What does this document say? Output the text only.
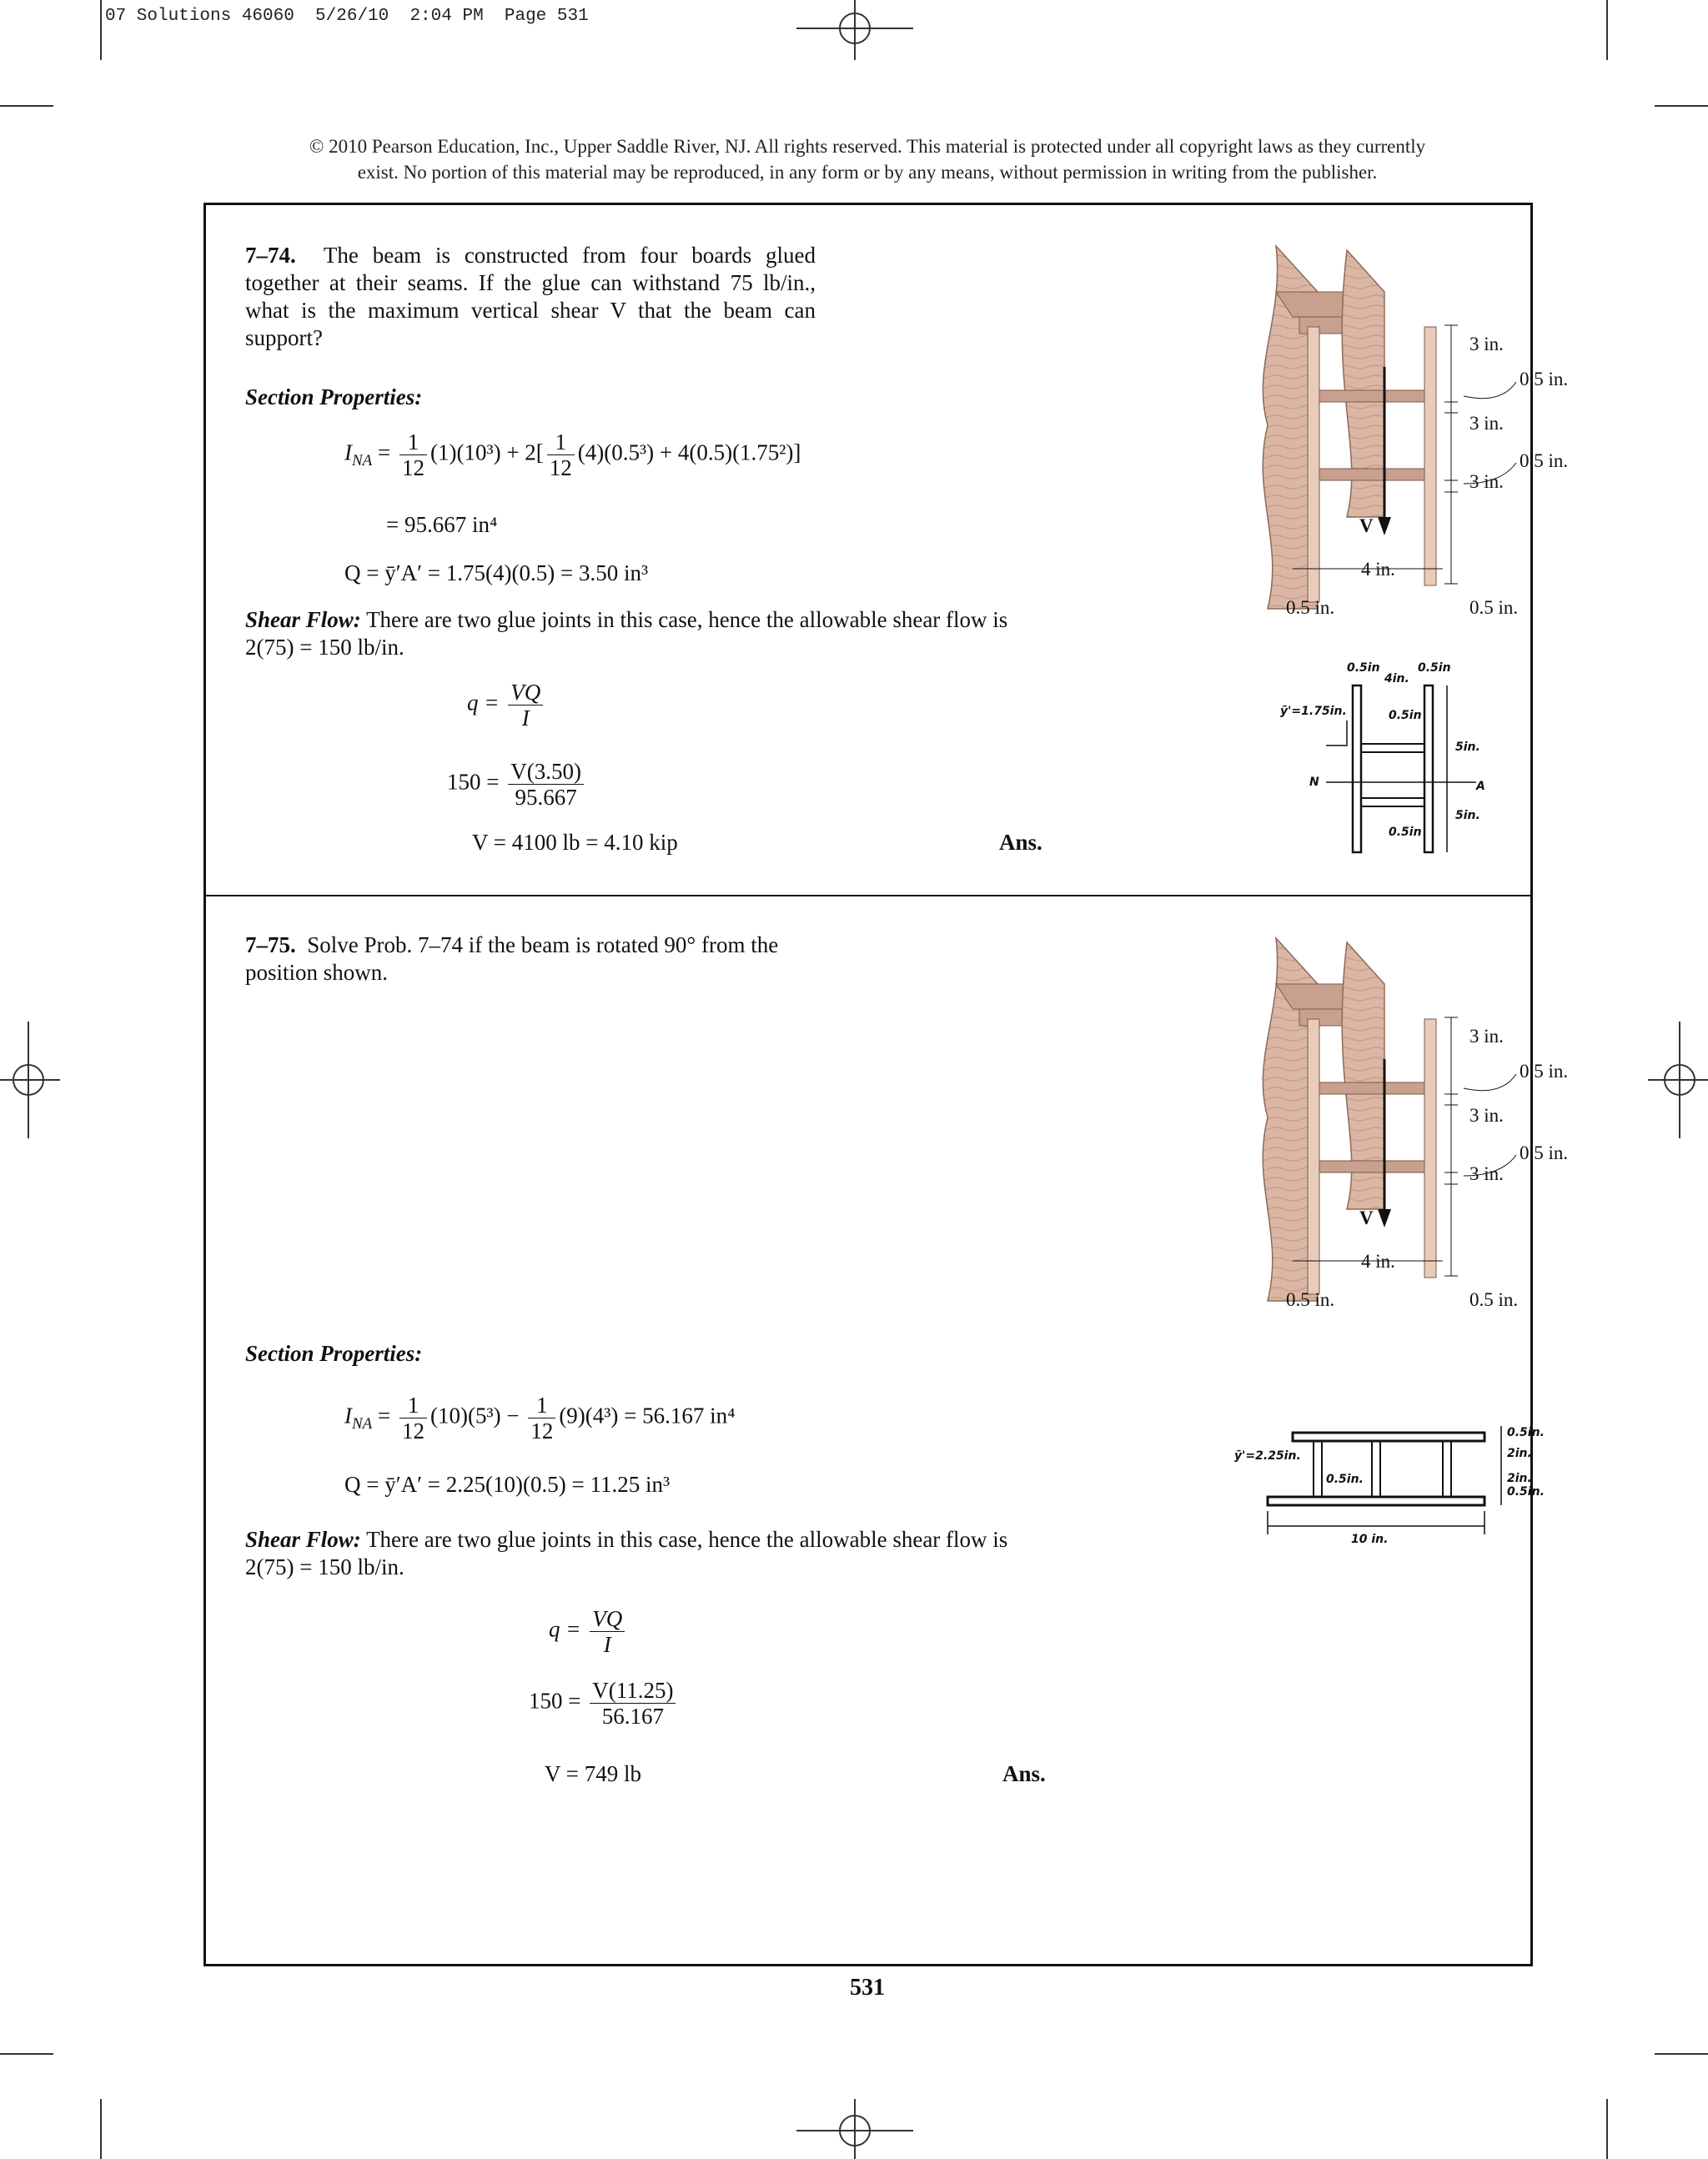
07 Solutions 46060  5/26/10  2:04 PM  Page 531
© 2010 Pearson Education, Inc., Upper Saddle River, NJ. All rights reserved. This material is protected under all copyright laws as they currently
exist. No portion of this material may be reproduced, in any form or by any means, without permission in writing from the publisher.
7–74. The beam is constructed from four boards glued together at their seams. If the glue can withstand 75 lb/in., what is the maximum vertical shear V that the beam can support?
Section Properties:
$I_{NA} = \frac{1}{12} (1)(10^3) + 2[ \frac{1}{12} (4)(0.5^3) + 4(0.5)(1.75^2)]$
= 95.667 in⁴
Q = ȳ′A′ = 1.75(4)(0.5) = 3.50 in³
Shear Flow: There are two glue joints in this case, hence the allowable shear flow is
2(75) = 150 lb/in.
$q = \frac{VQ}{I}$
$150 = \frac{V(3.50)}{95.667}$
V = 4100 lb = 4.10 kip	Ans.
7–75. Solve Prob. 7–74 if the beam is rotated 90° from the position shown.
Section Properties:
$I_{NA} = \frac{1}{12} (10)(5^3) - \frac{1}{12} (9)(4^3) = 56.167$ in⁴
Q = ȳ′A′ = 2.25(10)(0.5) = 11.25 in³
Shear Flow: There are two glue joints in this case, hence the allowable shear flow is
2(75) = 150 lb/in.
$q = \frac{VQ}{I}$
$150 = \frac{V(11.25)}{56.167}$
V = 749 lb	Ans.
V
0.5 in.	0.5 in.
4 in.
3 in.
3 in.
3 in.
0.5 in.
0.5 in.
0.5in
4in.
0.5in
ȳ'=1.75in.	0.5in
0.5in
5in.
5in.
N	A
V
0.5 in.	0.5 in.
4 in.
3 in.
3 in.
3 in.
0.5 in.
0.5 in.
ȳ'=2.25in.
0.5in.
2in.
2in.
0.5in.
0.5in.
10 in.
531
